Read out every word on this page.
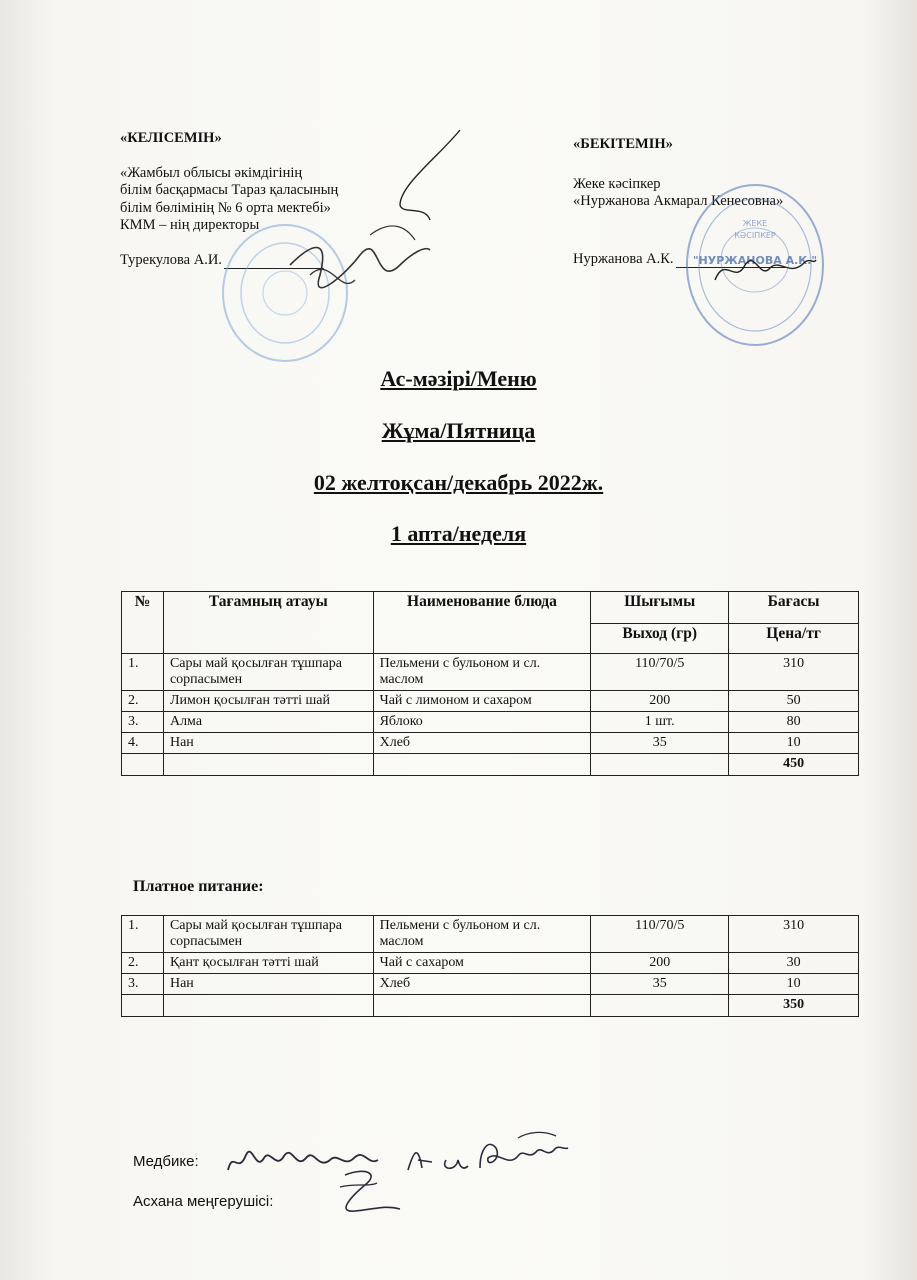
«КЕЛІСЕМІН»
«Жамбыл облысы әкімдігінің
білім басқармасы Тараз қаласының
білім бөлімінің № 6 орта мектебі»
КММ – нің директоры
Турекулова А.И.
«БЕКІТЕМІН»
Жеке кәсіпкер
«Нуржанова Акмарал Кенесовна»
Нуржанова А.К.
ЖЕКЕ
КӘСІПКЕР
"НУРЖАНОВА А.К."
Ас-мәзірі/Меню
Жұма/Пятница
02 желтоқсан/декабрь 2022ж.
1 апта/неделя
№	Тағамның атауы	Наименование блюда	Шығымы	Бағасы
			Выход (гр)	Цена/тг
1.	Сары май қосылған тұшпара сорпасымен	Пельмени с бульоном и сл. маслом	110/70/5	310
2.	Лимон қосылған тәтті шай	Чай с лимоном и сахаром	200	50
3.	Алма	Яблоко	1 шт.	80
4.	Нан	Хлеб	35	10
				450
Платное питание:
1.	Сары май қосылған тұшпара сорпасымен	Пельмени с бульоном и сл. маслом	110/70/5	310
2.	Қант қосылған тәтті шай	Чай с сахаром	200	30
3.	Нан	Хлеб	35	10
				350
Медбике:
Асхана меңгерушісі:
